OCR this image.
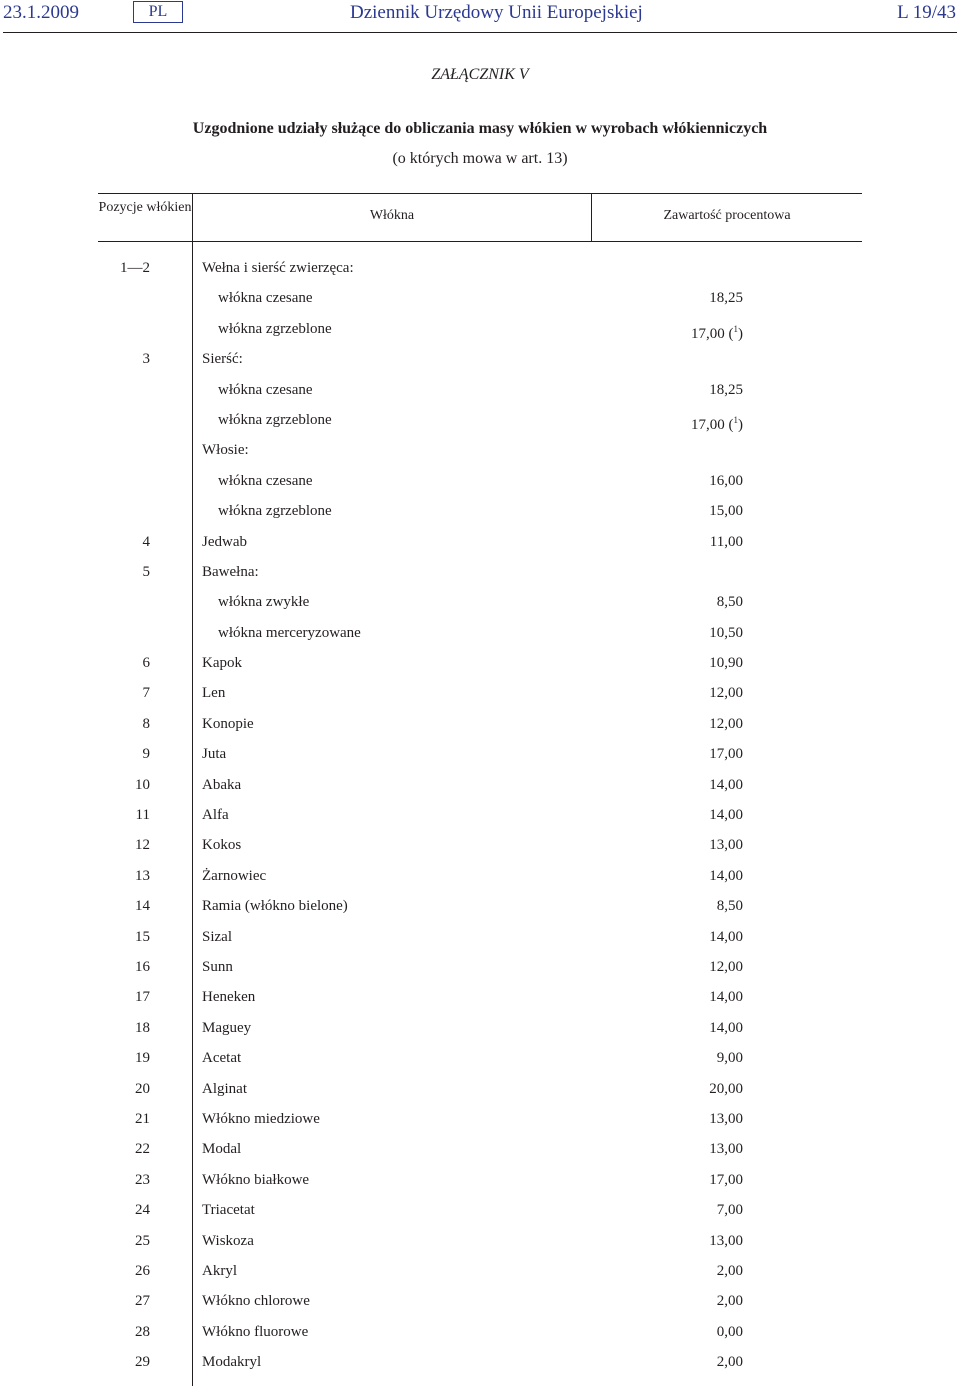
23.1.2009	PL	Dziennik Urzędowy Unii Europejskiej	L 19/43
ZAŁĄCZNIK V
Uzgodnione udziały służące do obliczania masy włókien w wyrobach włókienniczych
(o których mowa w art. 13)
Pozycje włókien
Włókna	Zawartość procentowa
1—2	Wełna i sierść zwierzęca:
włókna czesane	18,25
włókna zgrzeblone	17,00 ($^1$)
3	Sierść:
włókna czesane	18,25
włókna zgrzeblone	17,00 ($^1$)
Włosie:
włókna czesane	16,00
włókna zgrzeblone	15,00
4	Jedwab	11,00
5	Bawełna:
włókna zwykłe	8,50
włókna merceryzowane	10,50
6	Kapok	10,90
7	Len	12,00
8	Konopie	12,00
9	Juta	17,00
10	Abaka	14,00
11	Alfa	14,00
12	Kokos	13,00
13	Żarnowiec	14,00
14	Ramia (włókno bielone)	8,50
15	Sizal	14,00
16	Sunn	12,00
17	Heneken	14,00
18	Maguey	14,00
19	Acetat	9,00
20	Alginat	20,00
21	Włókno miedziowe	13,00
22	Modal	13,00
23	Włókno białkowe	17,00
24	Triacetat	7,00
25	Wiskoza	13,00
26	Akryl	2,00
27	Włókno chlorowe	2,00
28	Włókno fluorowe	0,00
29	Modakryl	2,00
